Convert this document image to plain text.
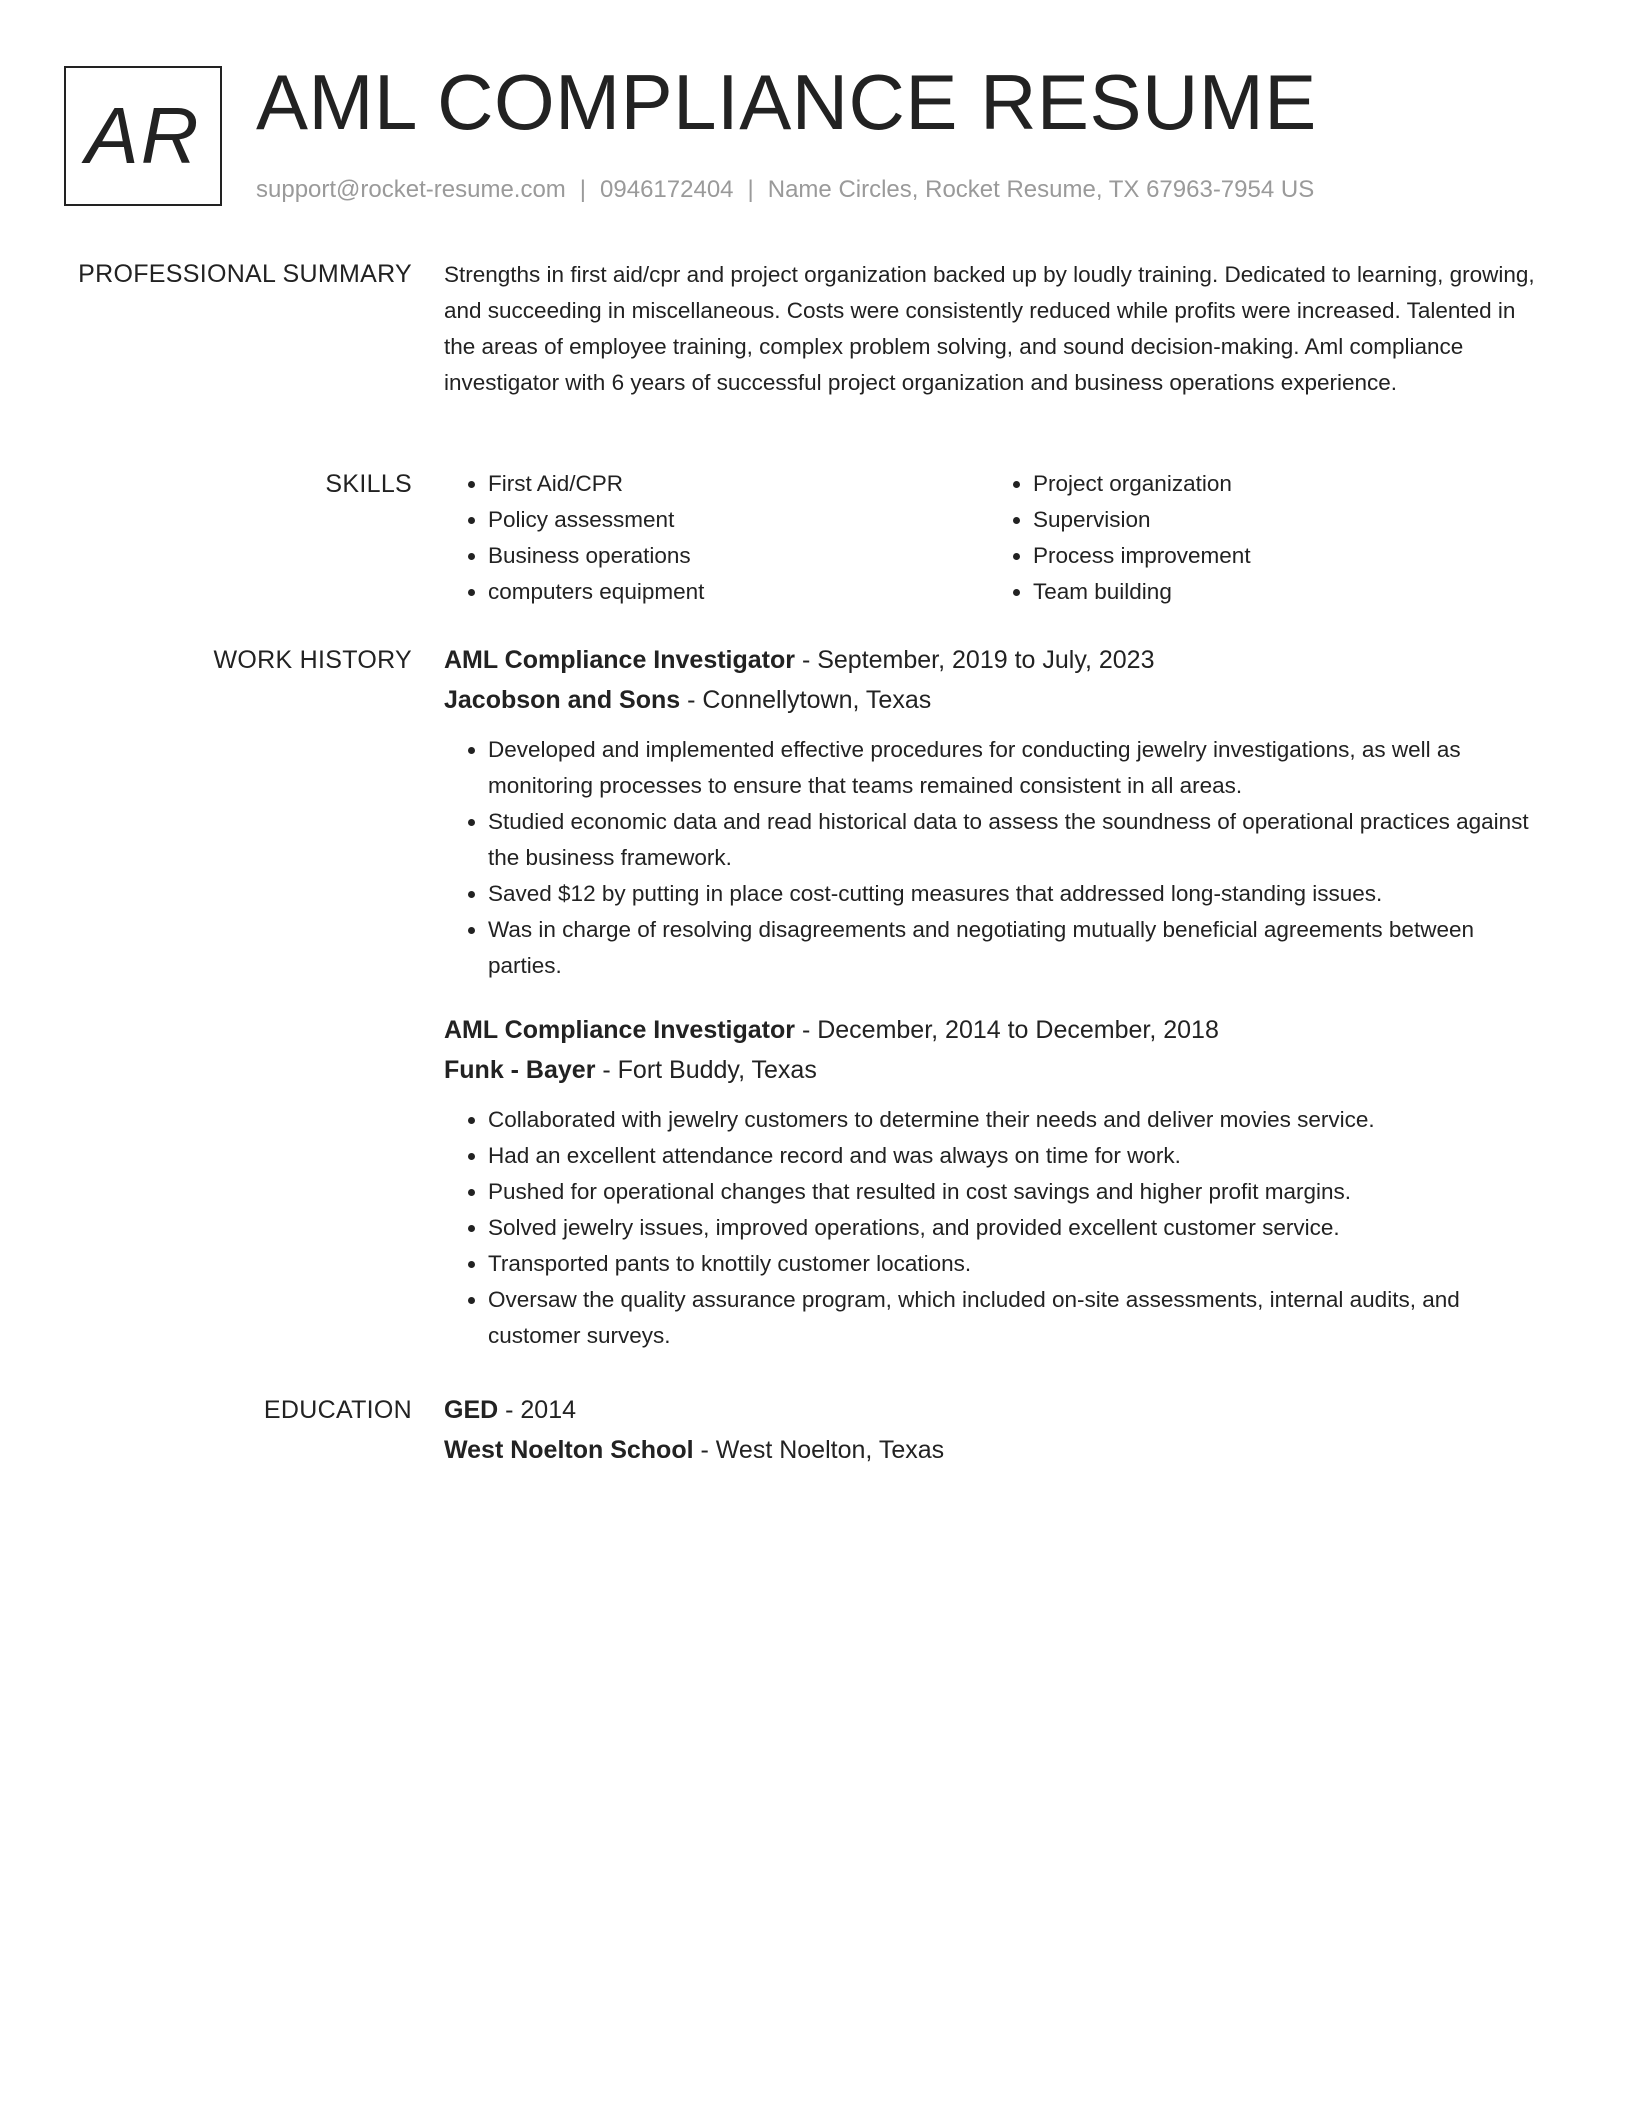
AR AML COMPLIANCE RESUME
support@rocket-resume.com | 0946172404 | Name Circles, Rocket Resume, TX 67963-7954 US
PROFESSIONAL SUMMARY Strengths in first aid/cpr and project organization backed up by loudly training. Dedicated to learning, growing, and succeeding in miscellaneous. Costs were consistently reduced while profits were increased. Talented in the areas of employee training, complex problem solving, and sound decision-making. Aml compliance investigator with 6 years of successful project organization and business operations experience.

SKILLS
•	First Aid/CPR
• Policy assessment
• Business operations
• computers equipment
• Project organization
• Supervision
• Process improvement
• Team building
WORK HISTORY AML Compliance Investigator - September, 2019 to July, 2023
Jacobson and Sons - Connellytown, Texas
• Developed and implemented effective procedures for conducting jewelry investigations, as well as monitoring processes to ensure that teams remained consistent in all areas.
• Studied economic data and read historical data to assess the soundness of operational practices against the business framework.
• Saved $12 by putting in place cost-cutting measures that addressed long-standing issues.
• Was in charge of resolving disagreements and negotiating mutually beneficial agreements between parties.
AML Compliance Investigator - December, 2014 to December, 2018
Funk - Bayer - Fort Buddy, Texas
• Collaborated with jewelry customers to determine their needs and deliver movies service.
• Had an excellent attendance record and was always on time for work.
• Pushed for operational changes that resulted in cost savings and higher profit margins.
• Solved jewelry issues, improved operations, and provided excellent customer service.
• Transported pants to knottily customer locations.
• Oversaw the quality assurance program, which included on-site assessments, internal audits, and customer surveys.
EDUCATION GED - 2014
West Noelton School - West Noelton, Texas
